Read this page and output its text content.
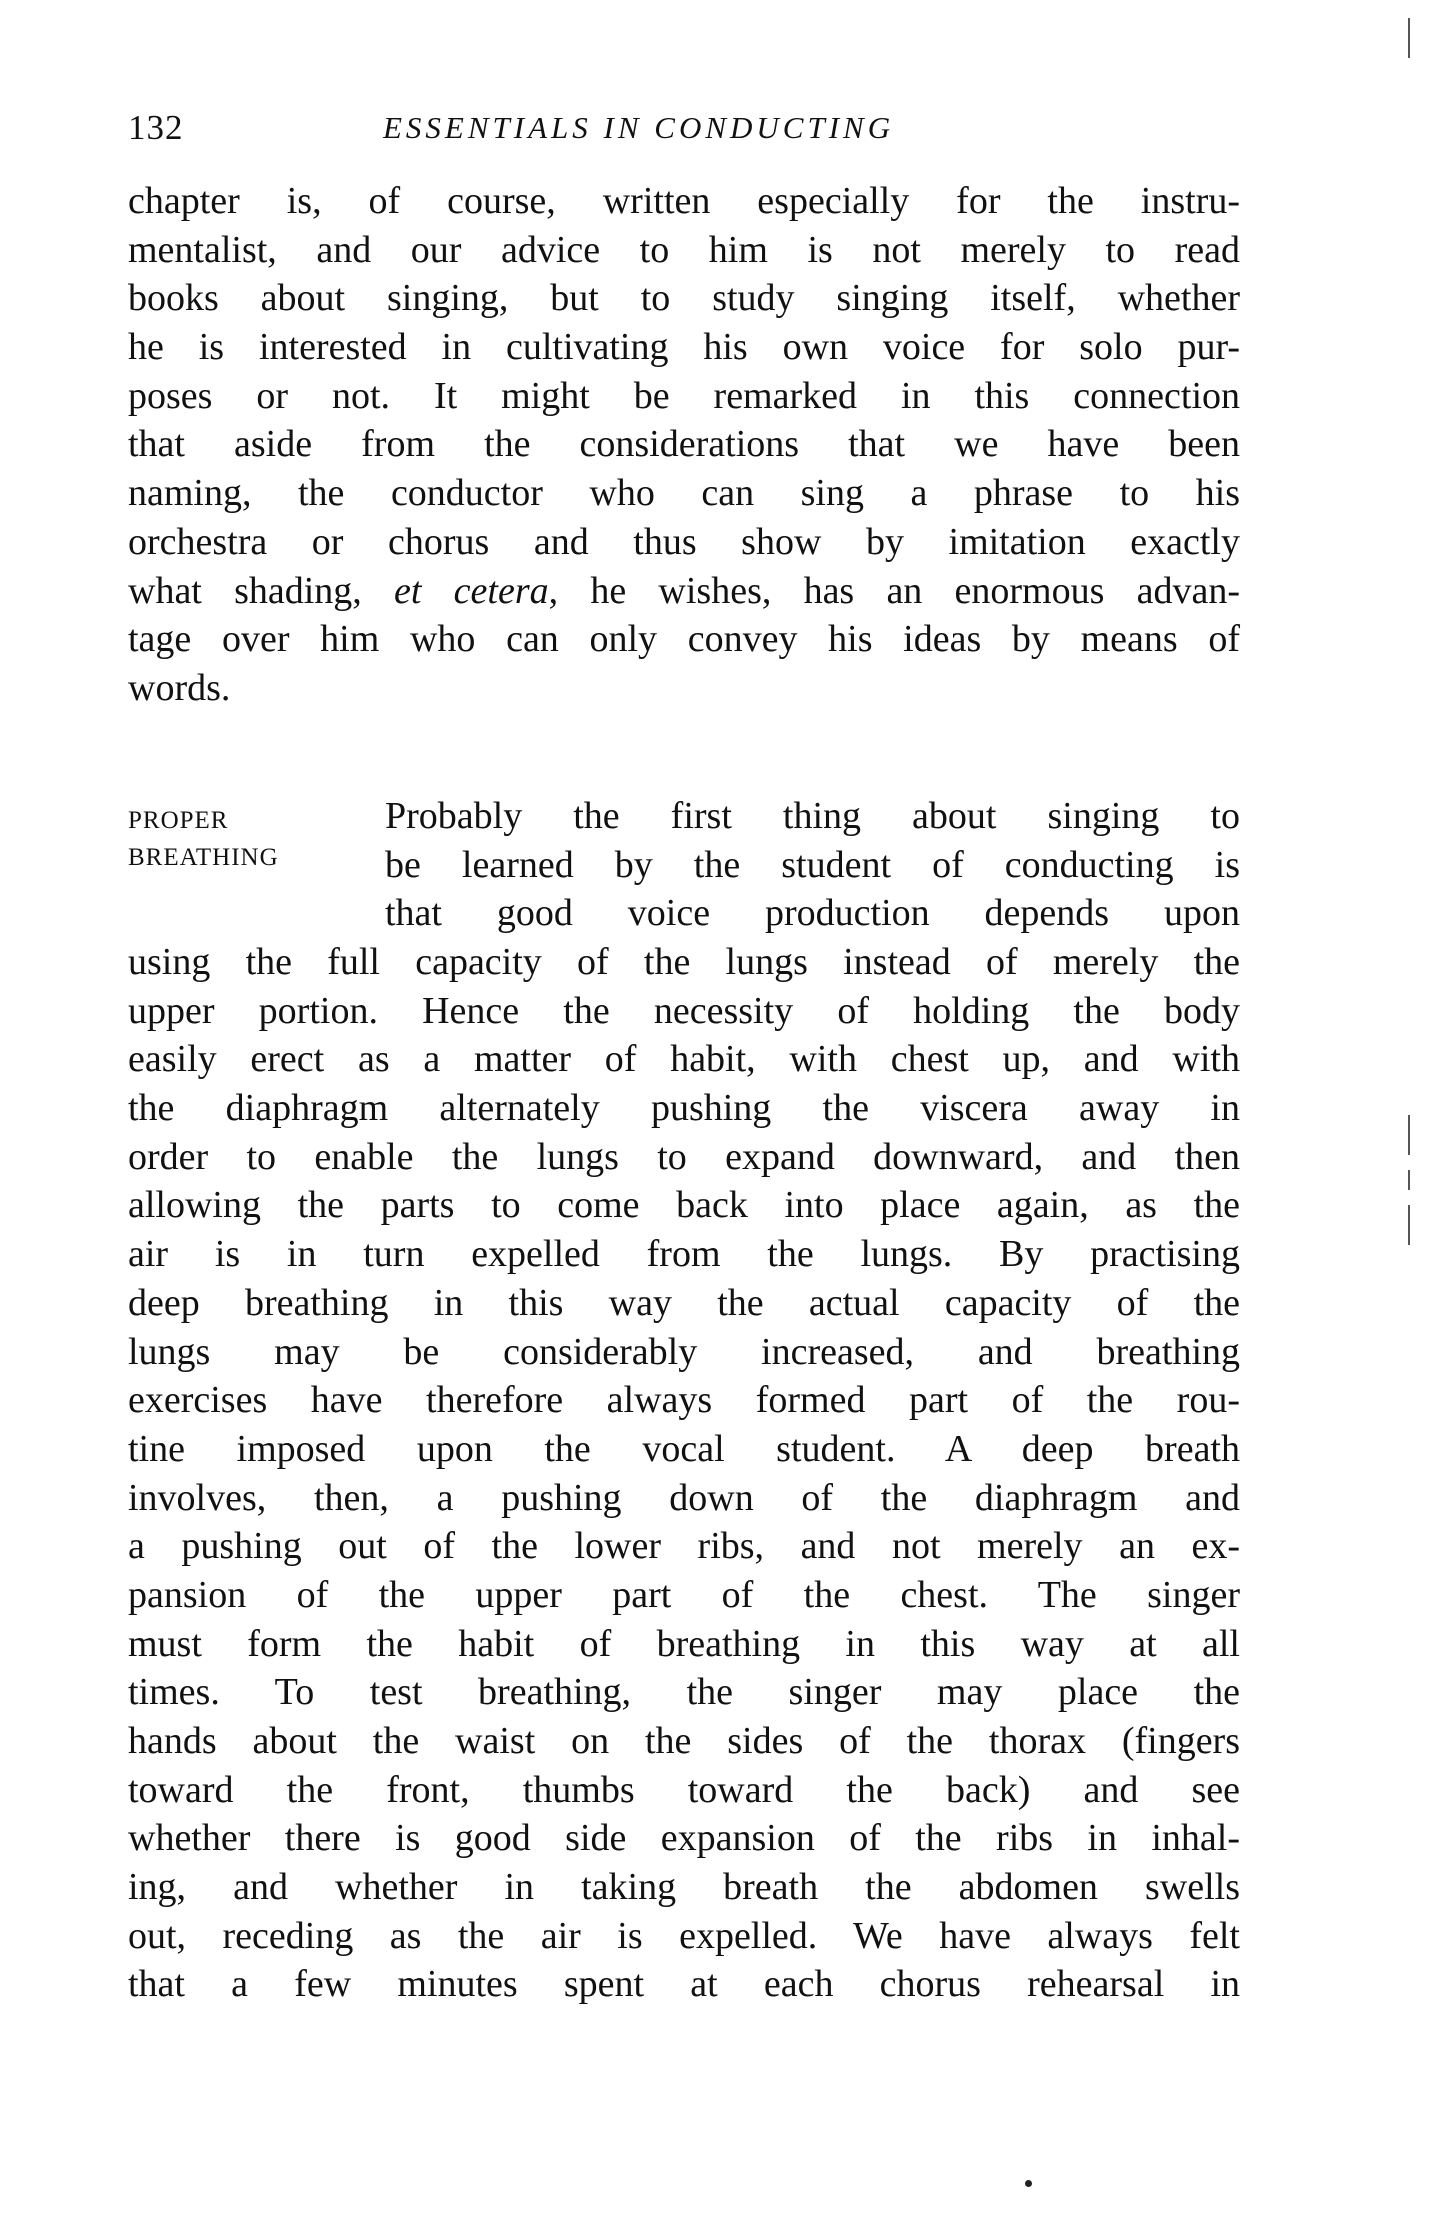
132	ESSENTIALS IN CONDUCTING
chapter is, of course, written especially for the instru-
mentalist, and our advice to him is not merely to read
books about singing, but to study singing itself, whether
he is interested in cultivating his own voice for solo pur-
poses or not. It might be remarked in this connection
that aside from the considerations that we have been
naming, the conductor who can sing a phrase to his
orchestra or chorus and thus show by imitation exactly
what shading, et cetera, he wishes, has an enormous advan-
tage over him who can only convey his ideas by means of
words.
PROPER
BREATHING
Probably the first thing about singing to
be learned by the student of conducting is
that good voice production depends upon
using the full capacity of the lungs instead of merely the
upper portion. Hence the necessity of holding the body
easily erect as a matter of habit, with chest up, and with
the diaphragm alternately pushing the viscera away in
order to enable the lungs to expand downward, and then
allowing the parts to come back into place again, as the
air is in turn expelled from the lungs. By practising
deep breathing in this way the actual capacity of the
lungs may be considerably increased, and breathing
exercises have therefore always formed part of the rou-
tine imposed upon the vocal student. A deep breath
involves, then, a pushing down of the diaphragm and
a pushing out of the lower ribs, and not merely an ex-
pansion of the upper part of the chest. The singer
must form the habit of breathing in this way at all
times. To test breathing, the singer may place the
hands about the waist on the sides of the thorax (fingers
toward the front, thumbs toward the back) and see
whether there is good side expansion of the ribs in inhal-
ing, and whether in taking breath the abdomen swells
out, receding as the air is expelled. We have always felt
that a few minutes spent at each chorus rehearsal in
